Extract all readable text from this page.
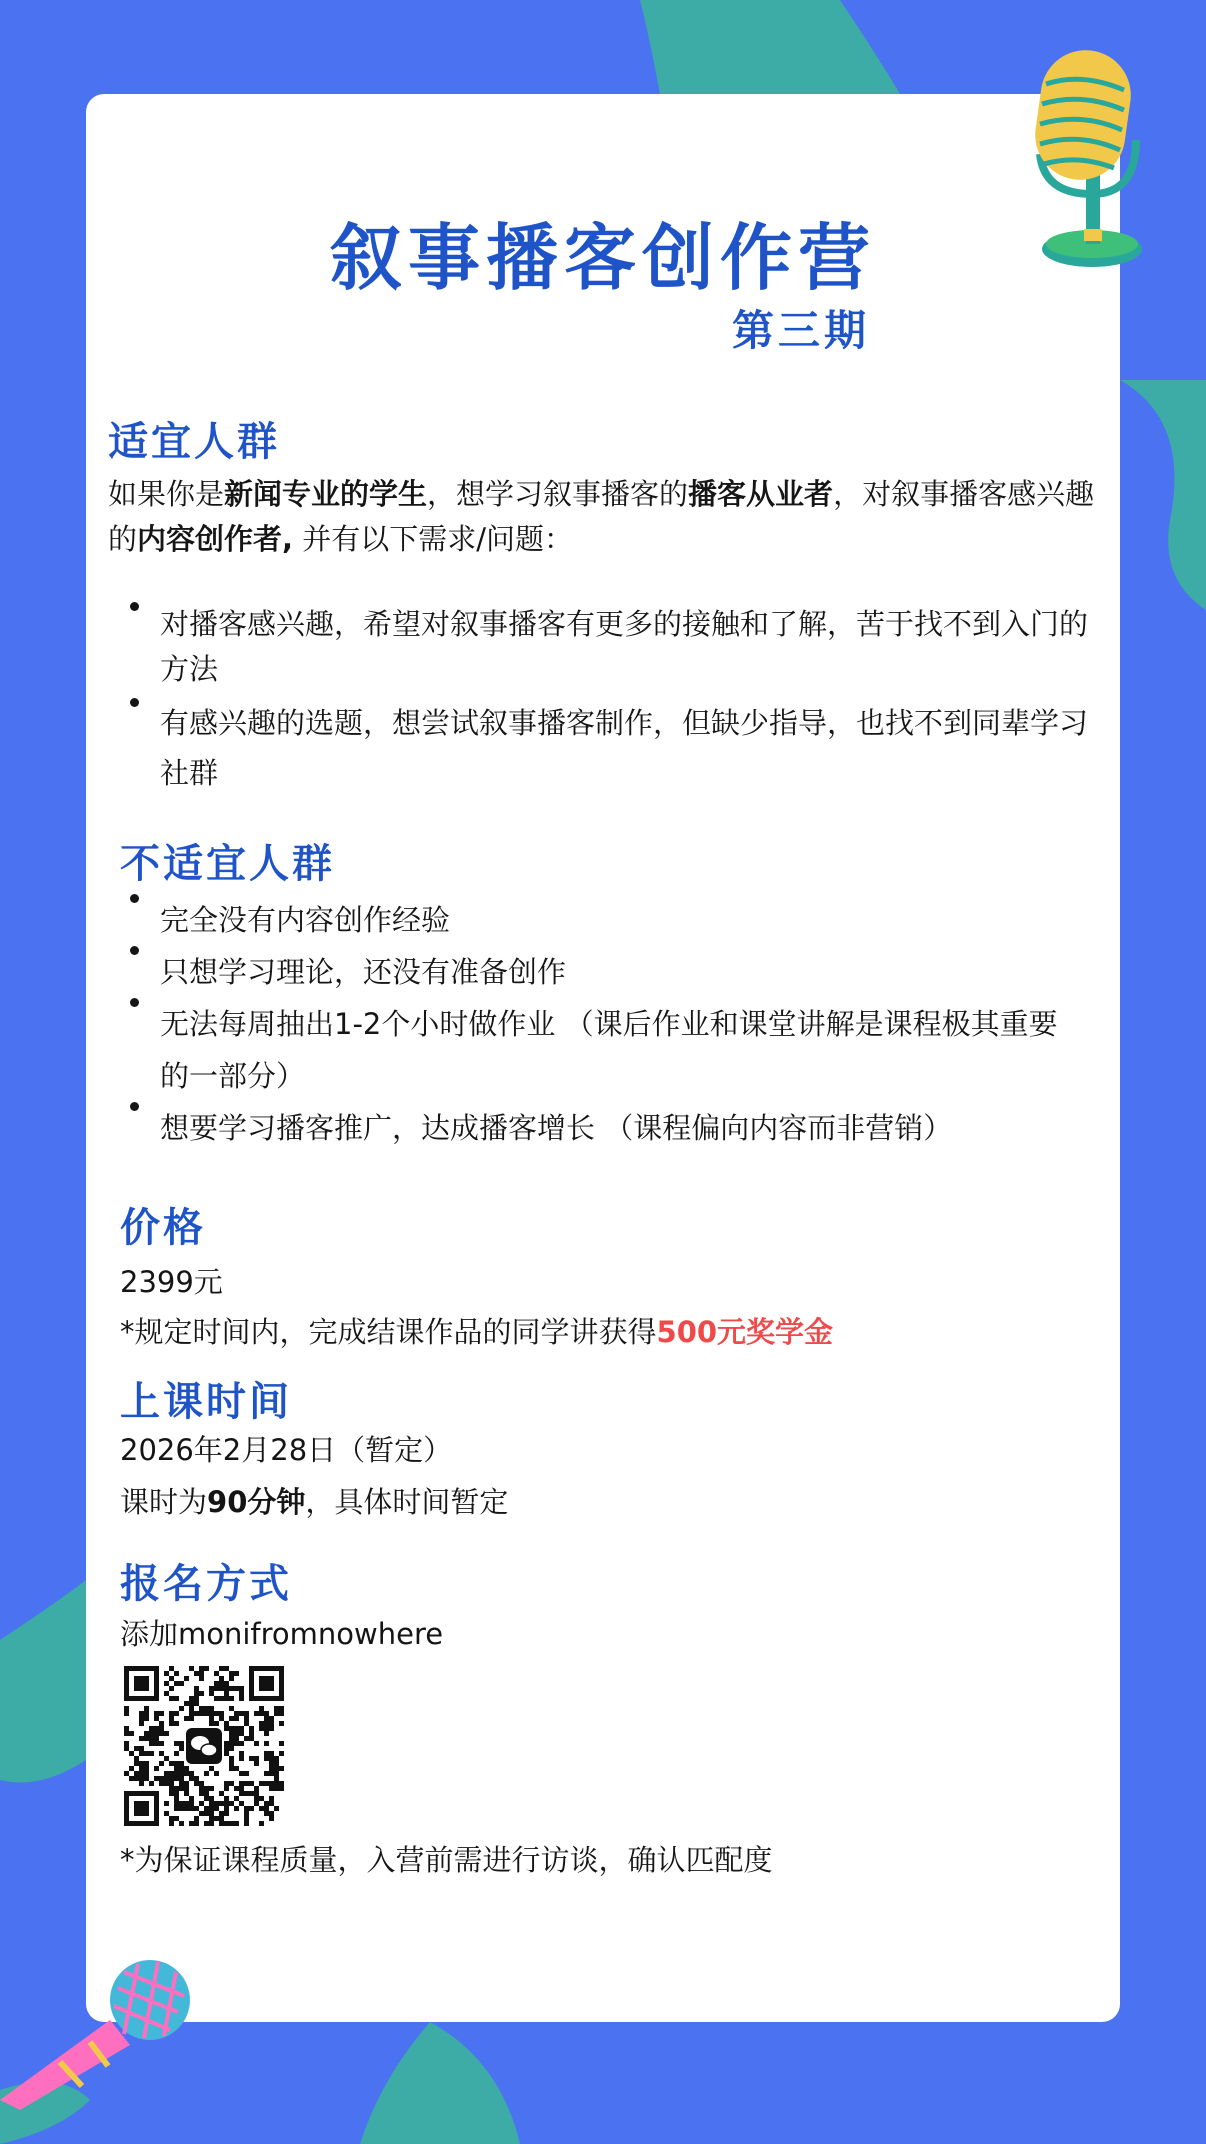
叙事播客创作营
第三期
适宜人群
如果你是新闻专业的学生，想学习叙事播客的播客从业者，对叙事播客感兴趣的内容创作者, 并有以下需求/问题：
对播客感兴趣，希望对叙事播客有更多的接触和了解，苦于找不到入门的方法
有感兴趣的选题，想尝试叙事播客制作，但缺少指导，也找不到同辈学习社群
不适宜人群
完全没有内容创作经验
只想学习理论，还没有准备创作
无法每周抽出1-2个小时做作业 （课后作业和课堂讲解是课程极其重要的一部分）
想要学习播客推广，达成播客增长 （课程偏向内容而非营销）
价格
2399元
*规定时间内，完成结课作品的同学讲获得500元奖学金
上课时间
2026年2月28日（暂定）
课时为90分钟，具体时间暂定
报名方式
添加monifromnowhere
*为保证课程质量，入营前需进行访谈，确认匹配度
